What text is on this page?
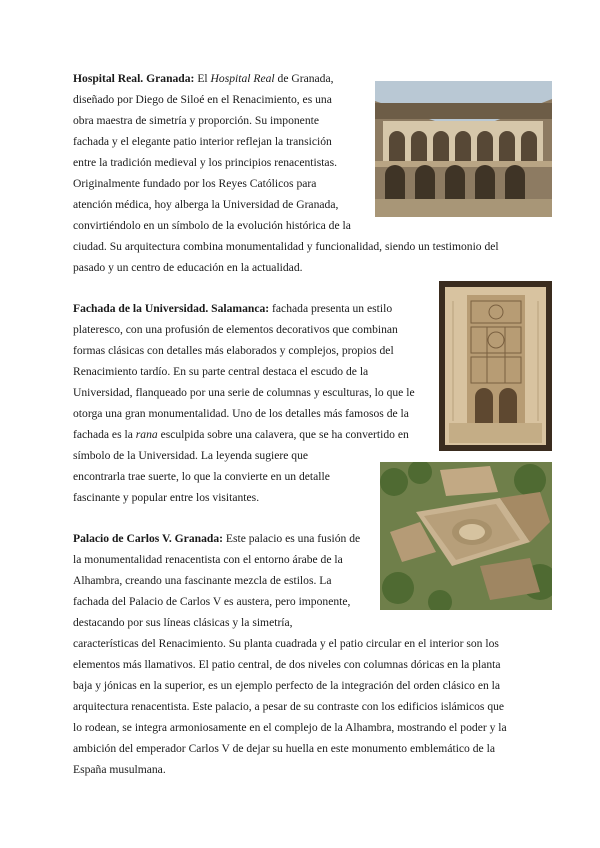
Hospital Real. Granada: El Hospital Real de Granada,
diseñado por Diego de Siloé en el Renacimiento, es una
obra maestra de simetría y proporción. Su imponente
fachada y el elegante patio interior reflejan la transición
entre la tradición medieval y los principios renacentistas.
Originalmente fundado por los Reyes Católicos para
atención médica, hoy alberga la Universidad de Granada,
convirtiéndolo en un símbolo de la evolución histórica de la
ciudad. Su arquitectura combina monumentalidad y funcionalidad, siendo un testimonio del
pasado y un centro de educación en la actualidad.

Fachada de la Universidad. Salamanca: fachada presenta un estilo
plateresco, con una profusión de elementos decorativos que combinan
formas clásicas con detalles más elaborados y complejos, propios del
Renacimiento tardío. En su parte central destaca el escudo de la
Universidad, flanqueado por una serie de columnas y esculturas, lo que le
otorga una gran monumentalidad. Uno de los detalles más famosos de la
fachada es la rana esculpida sobre una calavera, que se ha convertido en
símbolo de la Universidad. La leyenda sugiere que
encontrarla trae suerte, lo que la convierte en un detalle
fascinante y popular entre los visitantes.

Palacio de Carlos V. Granada: Este palacio es una fusión de
la monumentalidad renacentista con el entorno árabe de la
Alhambra, creando una fascinante mezcla de estilos. La
fachada del Palacio de Carlos V es austera, pero imponente,
destacando por sus líneas clásicas y la simetría,
características del Renacimiento. Su planta cuadrada y el patio circular en el interior son los
elementos más llamativos. El patio central, de dos niveles con columnas dóricas en la planta
baja y jónicas en la superior, es un ejemplo perfecto de la integración del orden clásico en la
arquitectura renacentista. Este palacio, a pesar de su contraste con los edificios islámicos que
lo rodean, se integra armoniosamente en el complejo de la Alhambra, mostrando el poder y la
ambición del emperador Carlos V de dejar su huella en este monumento emblemático de la
España musulmana.
